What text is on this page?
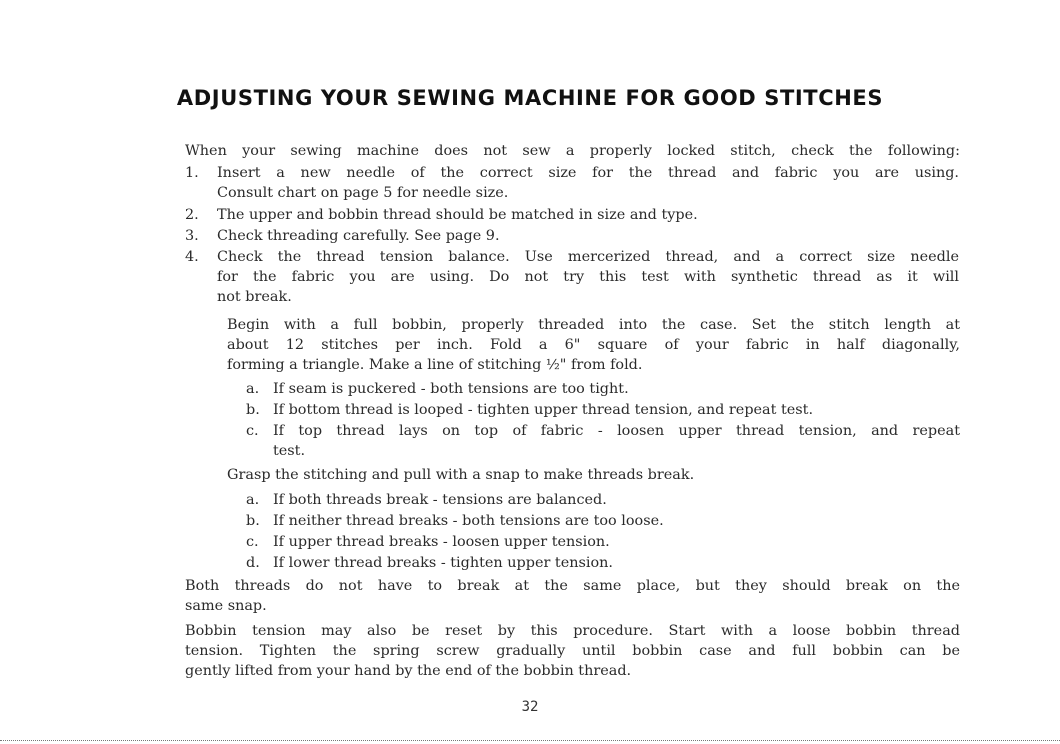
ADJUSTING YOUR SEWING MACHINE FOR GOOD STITCHES
When your sewing machine does not sew a properly locked stitch, check the following:
1. Insert a new needle of the correct size for the thread and fabric you are using.
Consult chart on page 5 for needle size.
2. The upper and bobbin thread should be matched in size and type.
3. Check threading carefully. See page 9.
4. Check the thread tension balance. Use mercerized thread, and a correct size needle
for the fabric you are using. Do not try this test with synthetic thread as it will
not break.
Begin with a full bobbin, properly threaded into the case. Set the stitch length at
about 12 stitches per inch. Fold a 6" square of your fabric in half diagonally,
forming a triangle. Make a line of stitching ½" from fold.
a. If seam is puckered - both tensions are too tight.
b. If bottom thread is looped - tighten upper thread tension, and repeat test.
c. If top thread lays on top of fabric - loosen upper thread tension, and repeat
test.
Grasp the stitching and pull with a snap to make threads break.
a. If both threads break - tensions are balanced.
b. If neither thread breaks - both tensions are too loose.
c. If upper thread breaks - loosen upper tension.
d. If lower thread breaks - tighten upper tension.
Both threads do not have to break at the same place, but they should break on the
same snap.
Bobbin tension may also be reset by this procedure. Start with a loose bobbin thread
tension. Tighten the spring screw gradually until bobbin case and full bobbin can be
gently lifted from your hand by the end of the bobbin thread.
32
